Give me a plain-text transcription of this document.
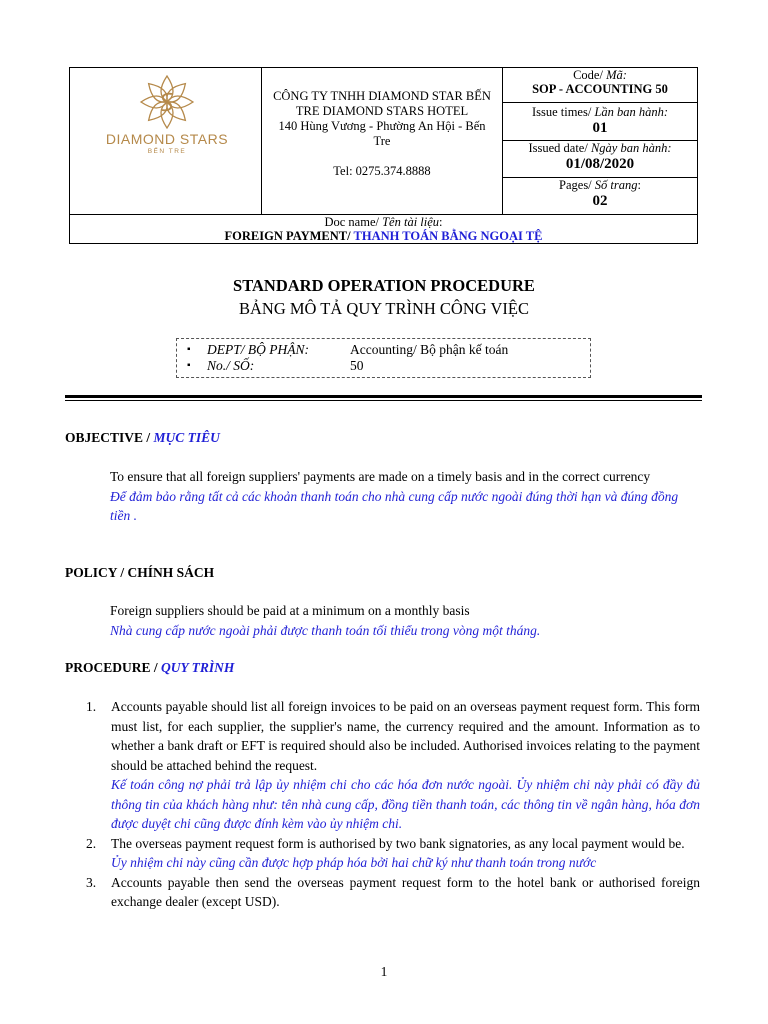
DIAMOND STARS
BẾN TRE
CÔNG TY TNHH DIAMOND STAR BẾN TRE DIAMOND STARS HOTEL
140 Hùng Vương - Phường An Hội - Bến Tre
Tel: 0275.374.8888
Code/ Mã:
SOP - ACCOUNTING 50
Issue times/ Lần ban hành:
01
Issued date/ Ngày ban hành:
01/08/2020
Pages/ Số trang:
02
Doc name/ Tên tài liệu:
FOREIGN PAYMENT/ THANH TOÁN BẰNG NGOẠI TỆ
STANDARD OPERATION PROCEDURE
BẢNG MÔ TẢ QUY TRÌNH CÔNG VIỆC
▪ DEPT/ BỘ PHẬN:	Accounting/ Bộ phận kế toán
▪ No./ SỐ:	50
OBJECTIVE / MỤC TIÊU
To ensure that all foreign suppliers' payments are made on a timely basis and in the correct currency
Để đảm bảo rằng tất cả các khoản thanh toán cho nhà cung cấp nước ngoài đúng thời hạn và đúng đồng tiền .
POLICY / CHÍNH SÁCH
Foreign suppliers should be paid at a minimum on a monthly basis
Nhà cung cấp nước ngoài phải được thanh toán tối thiểu trong vòng một tháng.
PROCEDURE / QUY TRÌNH
1. Accounts payable should list all foreign invoices to be paid on an overseas payment request form. This form must list, for each supplier, the supplier's name, the currency required and the amount. Information as to whether a bank draft or EFT is required should also be included. Authorised invoices relating to the payment should be attached behind the request.
Kế toán công nợ phải trả lập ủy nhiệm chi cho các hóa đơn nước ngoài. Ủy nhiệm chi này phải có đầy đủ thông tin của khách hàng như: tên nhà cung cấp, đồng tiền thanh toán, các thông tin về ngân hàng, hóa đơn được duyệt chi cũng được đính kèm vào ủy nhiệm chi.
2. The overseas payment request form is authorised by two bank signatories, as any local payment would be.
Ủy nhiệm chi này cũng cần được hợp pháp hóa bởi hai chữ ký như thanh toán trong nước
3. Accounts payable then send the overseas payment request form to the hotel bank or authorised foreign exchange dealer (except USD).
1
